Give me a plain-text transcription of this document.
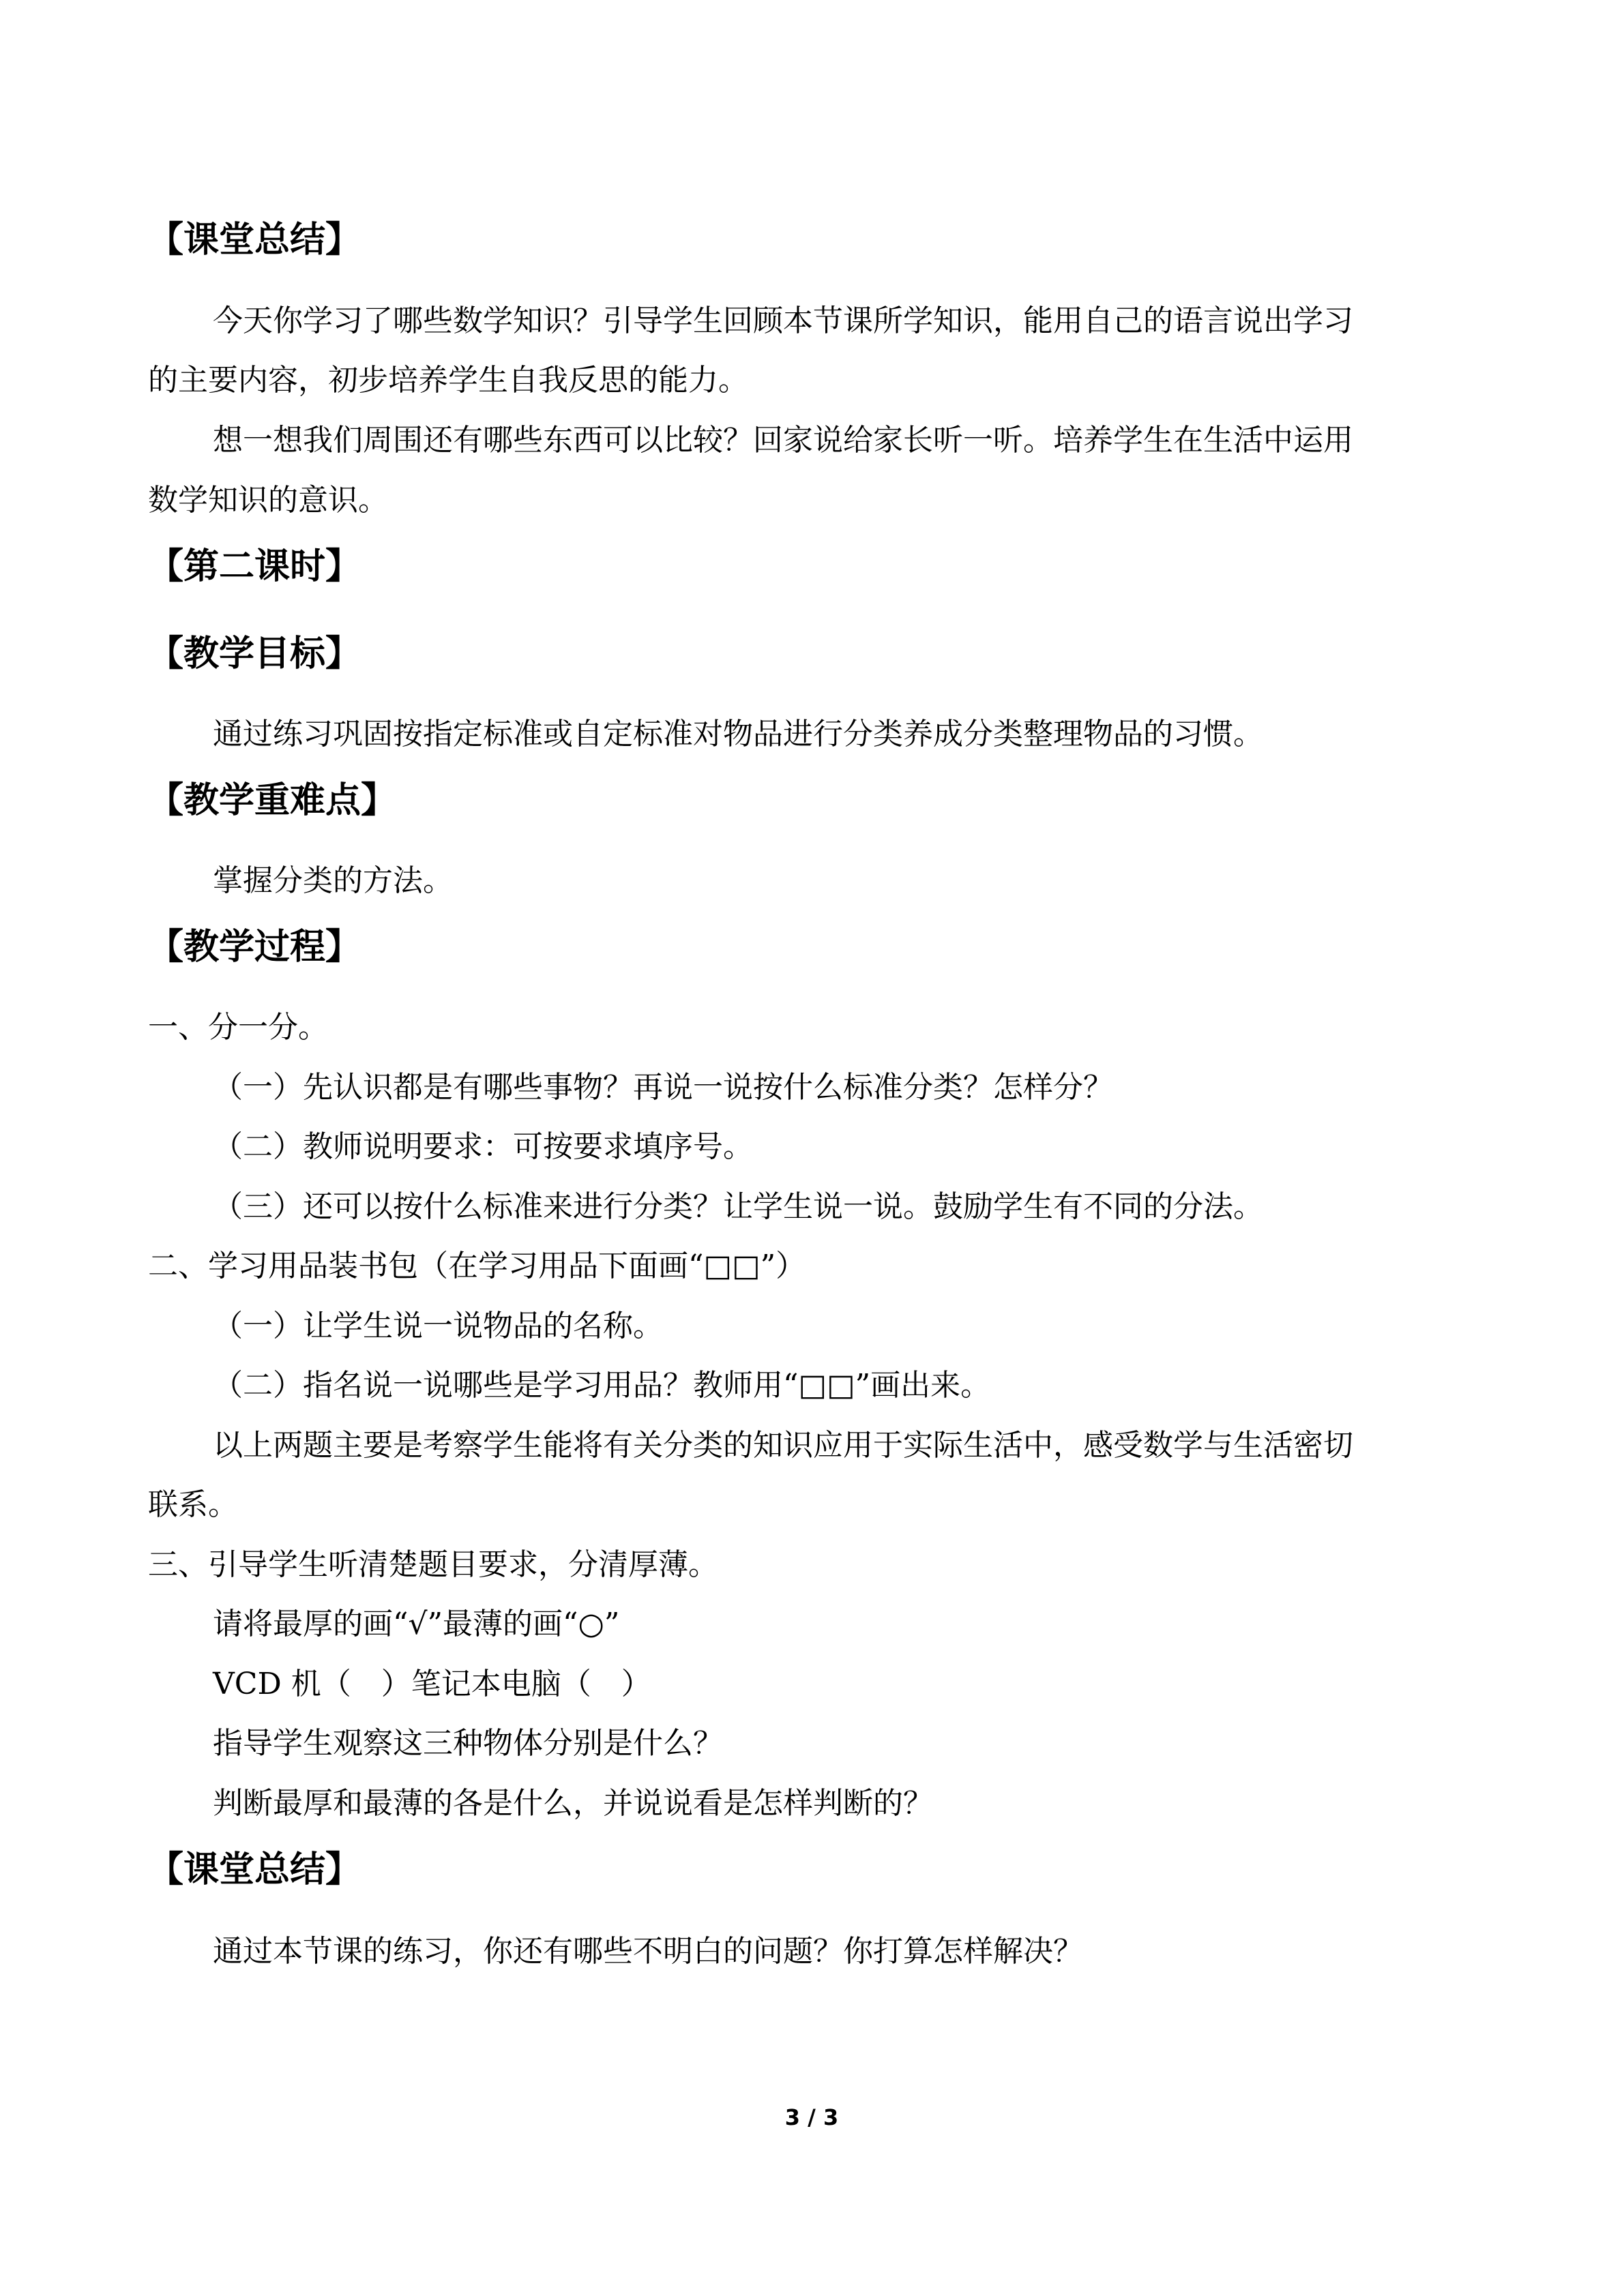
【课堂总结】
今天你学习了哪些数学知识？引导学生回顾本节课所学知识，能用自己的语言说出学习
的主要内容，初步培养学生自我反思的能力。
想一想我们周围还有哪些东西可以比较？回家说给家长听一听。培养学生在生活中运用
数学知识的意识。
【第二课时】
【教学目标】
通过练习巩固按指定标准或自定标准对物品进行分类养成分类整理物品的习惯。
【教学重难点】
掌握分类的方法。
【教学过程】
一、分一分。
（一）先认识都是有哪些事物？再说一说按什么标准分类？怎样分？
（二）教师说明要求：可按要求填序号。
（三）还可以按什么标准来进行分类？让学生说一说。鼓励学生有不同的分法。
二、学习用品装书包（在学习用品下面画“□□”）
（一）让学生说一说物品的名称。
（二）指名说一说哪些是学习用品？教师用“□□”画出来。
以上两题主要是考察学生能将有关分类的知识应用于实际生活中，感受数学与生活密切
联系。
三、引导学生听清楚题目要求，分清厚薄。
请将最厚的画“√”最薄的画“○”
VCD 机（　）笔记本电脑（　）
指导学生观察这三种物体分别是什么？
判断最厚和最薄的各是什么，并说说看是怎样判断的？
【课堂总结】
通过本节课的练习，你还有哪些不明白的问题？你打算怎样解决？
3 / 3
